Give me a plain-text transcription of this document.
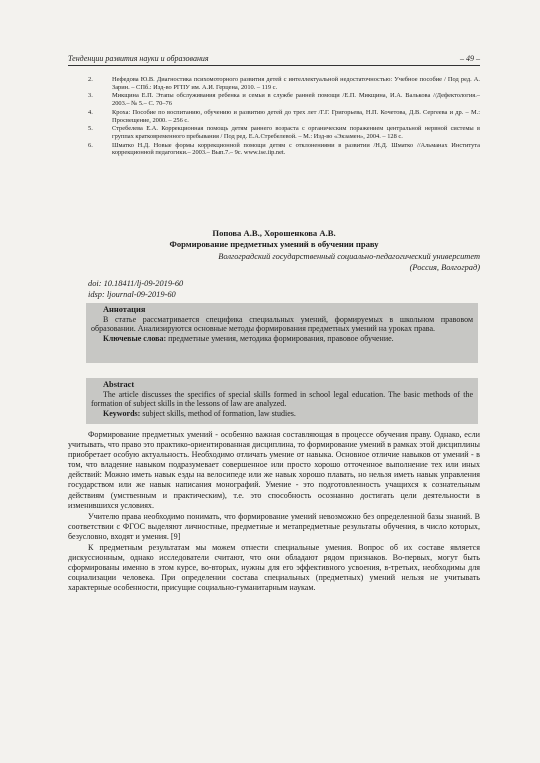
Тенденции развития науки и образования	– 49 –
2.	Нефедова Ю.В. Диагностика психомоторного развития детей с интеллектуальной недостаточностью: Учебное пособие / Под ред. А. Зарин. – СПб.: Изд-во РГПУ им. А.И. Герцена, 2010. – 119 с.
3.	Микщина Е.П. Этапы обслуживания ребенка и семьи в службе ранней помощи /Е.П. Микщина, И.А. Валькова //Дефектология.– 2003.– № 5.– С. 70–76
4.	Кроха: Пособие по воспитанию, обучению и развитию детей до трех лет /Г.Г. Григорьева, Н.П. Кочетова, Д.В. Сергеева и др. – М.: Просвещение, 2000. – 256 с.
5.	Стребелева Е.А. Коррекционная помощь детям раннего возраста с органическим поражением центральной нервной системы в группах кратковременного пребывания / Под ред. Е.А.Стребелевой. – М.: Изд-во «Экзамен», 2004. – 128 с.
6.	Шматко Н.Д. Новые формы коррекционной помощи детям с отклонениями в развитии /Н.Д. Шматко //Альманах Института коррекционной педагогики.– 2003.– Вып.7.– 9с. www.ise.iip.net.
Попова А.В., Хорошенкова А.В.
Формирование предметных умений в обучении праву
Волгоградский государственный социально-педагогический университет
(Россия, Волгоград)
doi: 10.18411/lj-09-2019-60
idsp: ljournal-09-2019-60
Аннотация
В статье рассматривается специфика специальных умений, формируемых в школьном правовом образовании. Анализируются основные методы формирования предметных умений на уроках права.
Ключевые слова: предметные умения, методика формирования, правовое обучение.
Abstract
The article discusses the specifics of special skills formed in school legal education. The basic methods of the formation of subject skills in the lessons of law are analyzed.
Keywords: subject skills, method of formation, law studies.

Формирование предметных умений - особенно важная составляющая в процессе обучения праву. Однако, если учитывать, что право это практико-ориентированная дисциплина, то формирование умений в рамках этой дисциплины приобретает особую актуальность. Необходимо отличать умение от навыка. Основное отличие навыков от умений - в том, что владение навыком подразумевает совершенное или просто хорошо отточенное выполнение тех или иных действий: Можно иметь навык езды на велосипеде или же навык хорошо плавать, но нельзя иметь навык управления государством или же навык написания монографий. Умение - это подготовленность учащихся к сознательным действиям (умственным и практическим), т.е. это способность осознанно достигать цели деятельности в изменившихся условиях.

Учителю права необходимо понимать, что формирование умений невозможно без определенной базы знаний. В соответствии с ФГОС выделяют личностные, предметные и метапредметные результаты обучения, в число которых, безусловно, входят и умения. [9]

К предметным результатам мы можем отнести специальные умения. Вопрос об их составе является дискуссионным, однако исследователи считают, что они обладают рядом признаков. Во-первых, могут быть сформированы именно в этом курсе, во-вторых, нужны для его эффективного усвоения, в-третьих, необходимы для социализации человека. При определении состава специальных (предметных) умений нельзя не учитывать характерные особенности, присущие социально-гуманитарным наукам.
